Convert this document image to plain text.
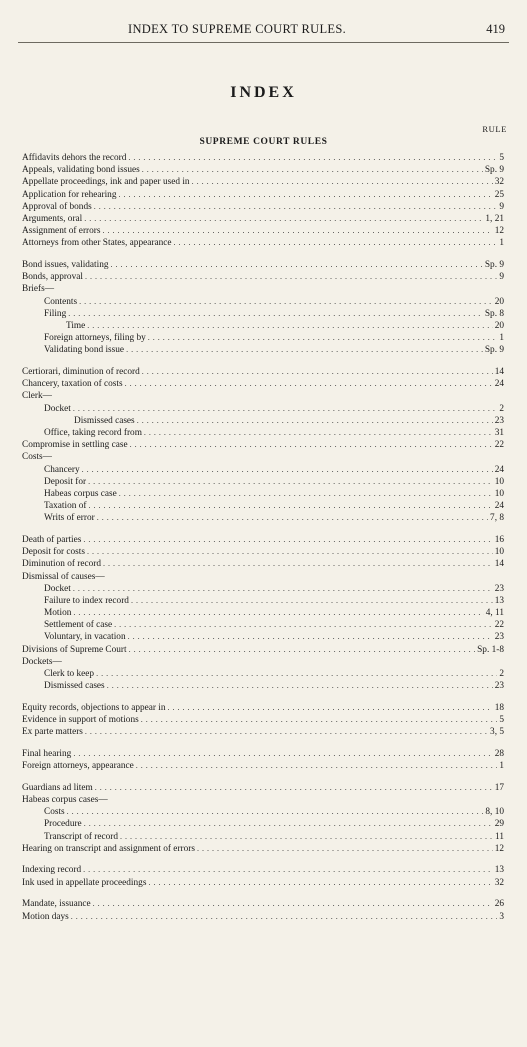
INDEX TO SUPREME COURT RULES.	419
INDEX
RULE
SUPREME COURT RULES
Affidavits dehors the record . . .	5
Appeals, validating bond issues . . .	Sp. 9
Appellate proceedings, ink and paper used in . . .	32
Application for rehearing . . .	25
Approval of bonds . . .	9
Arguments, oral . . .	1, 21
Assignment of errors . . .	12
Attorneys from other States, appearance . . .	1
Bond issues, validating . . .	Sp. 9
Bonds, approval . . .	9
Briefs—
Contents . . .	20
Filing . . .	Sp. 8
Time . . .	20
Foreign attorneys, filing by . . .	1
Validating bond issue . . .	Sp. 9
Certiorari, diminution of record . . .	14
Chancery, taxation of costs . . .	24
Clerk—
Docket . . .	2
Dismissed cases . . .	23
Office, taking record from . . .	31
Compromise in settling case . . .	22
Costs—
Chancery . . .	24
Deposit for . . .	10
Habeas corpus case . . .	10
Taxation of . . .	24
Writs of error . . .	7, 8
Death of parties . . .	16
Deposit for costs . . .	10
Diminution of record . . .	14
Dismissal of causes—
Docket . . .	23
Failure to index record . . .	13
Motion . . .	4, 11
Settlement of case . . .	22
Voluntary, in vacation . . .	23
Divisions of Supreme Court . . .	Sp. 1-8
Dockets—
Clerk to keep . . .	2
Dismissed cases . . .	23
Equity records, objections to appear in . . .	18
Evidence in support of motions . . .	5
Ex parte matters . . .	3, 5
Final hearing . . .	28
Foreign attorneys, appearance . . .	1
Guardians ad litem . . .	17
Habeas corpus cases—
Costs . . .	8, 10
Procedure . . .	29
Transcript of record . . .	11
Hearing on transcript and assignment of errors . . .	12
Indexing record . . .	13
Ink used in appellate proceedings . . .	32
Mandate, issuance . . .	26
Motion days . . .	3
